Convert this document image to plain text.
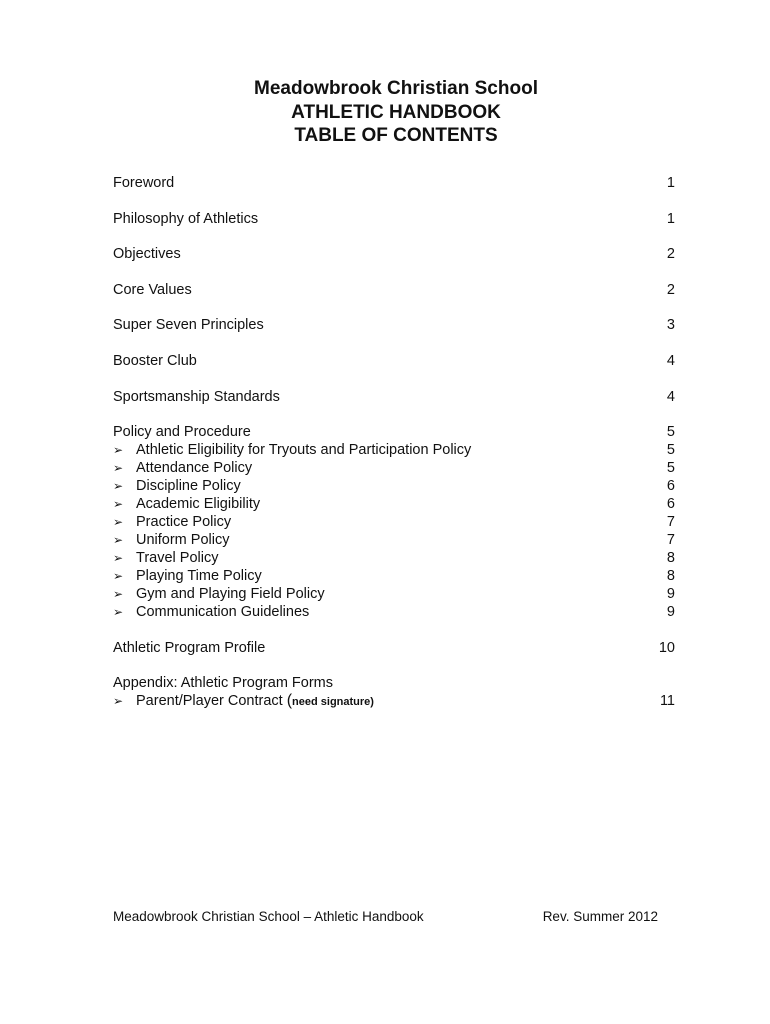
Meadowbrook Christian School
ATHLETIC HANDBOOK
TABLE OF CONTENTS
Foreword	1
Philosophy of Athletics	1
Objectives	2
Core Values	2
Super Seven Principles	3
Booster Club	4
Sportsmanship Standards	4
Policy and Procedure	5
➢ Athletic Eligibility for Tryouts and Participation Policy	5
➢ Attendance Policy	5
➢ Discipline Policy	6
➢ Academic Eligibility	6
➢ Practice Policy	7
➢ Uniform Policy	7
➢ Travel Policy	8
➢ Playing Time Policy	8
➢ Gym and Playing Field Policy	9
➢ Communication Guidelines	9
Athletic Program Profile	10
Appendix: Athletic Program Forms
➢ Parent/Player Contract (need signature)	11
Meadowbrook Christian School – Athletic Handbook	Rev. Summer 2012
